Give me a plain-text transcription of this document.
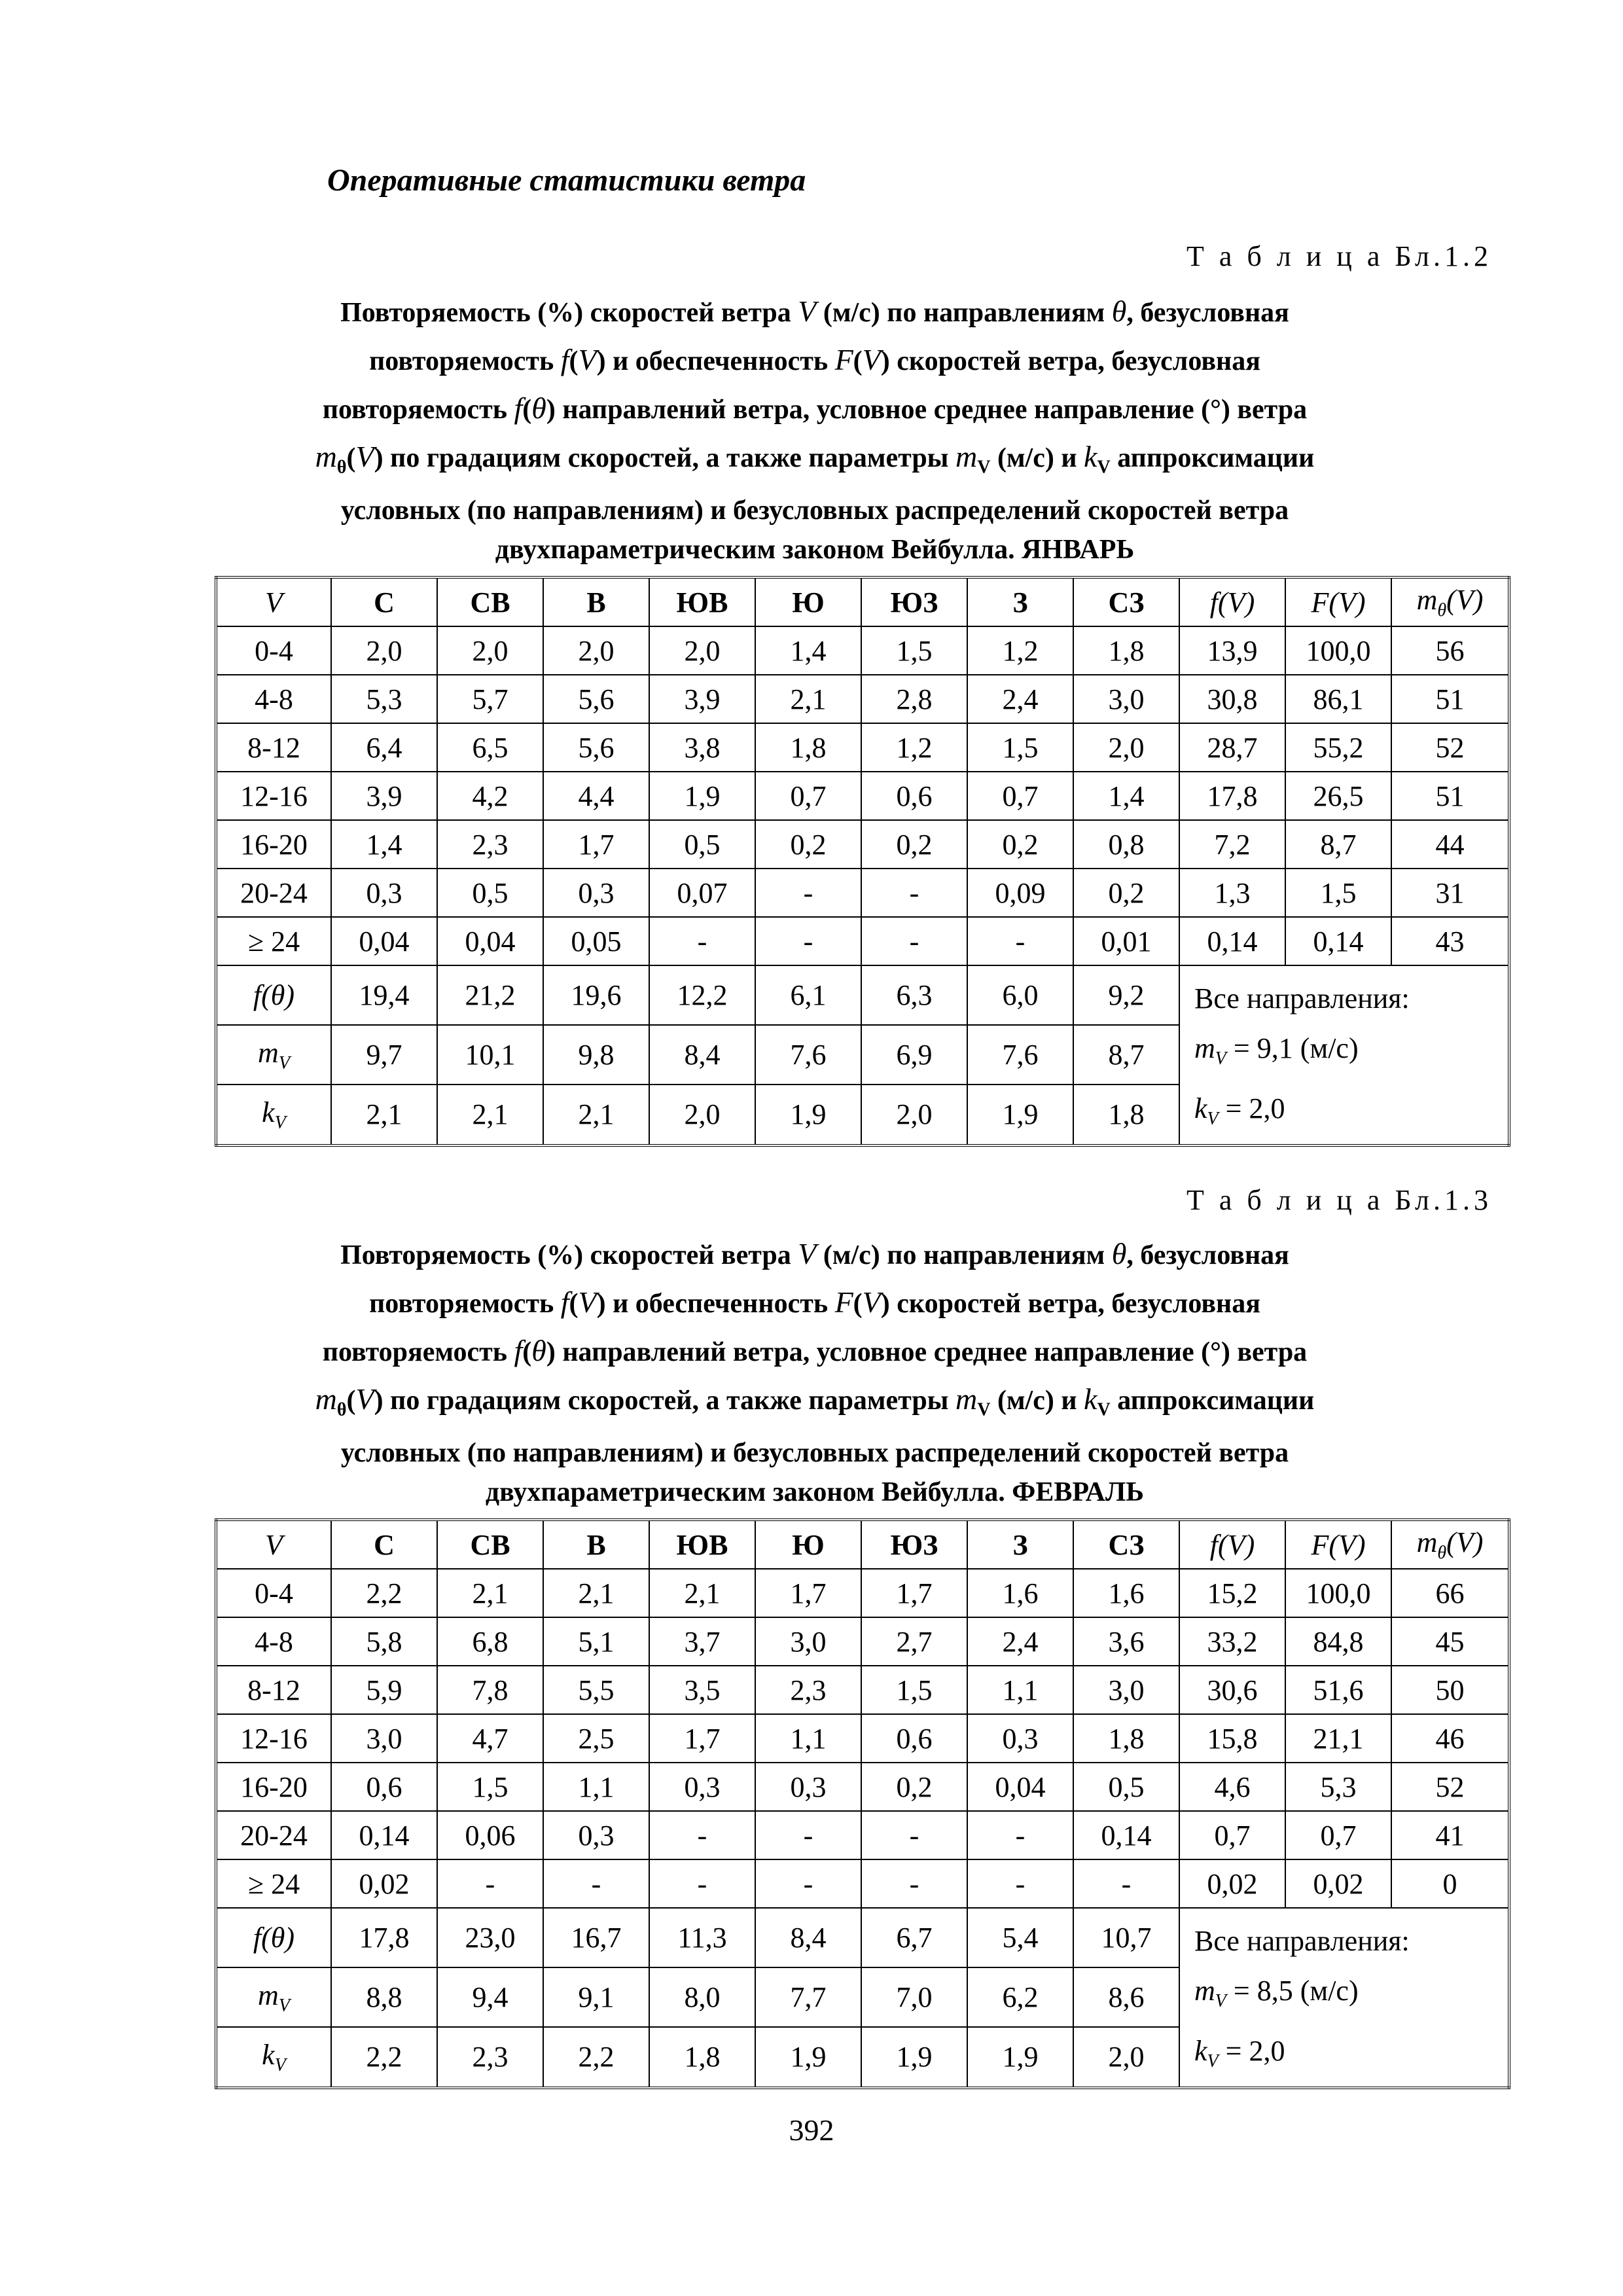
Оперативные статистики ветра
Т а б л и ц а Бл.1.2
Повторяемость (%) скоростей ветра V (м/с) по направлениям θ, безусловная
повторяемость f(V) и обеспеченность F(V) скоростей ветра, безусловная
повторяемость f(θ) направлений ветра, условное среднее направление (°) ветра
$m_\theta(V)$ по градациям скоростей, а также параметры $m_V$ (м/с) и $k_V$ аппроксимации
условных (по направлениям) и безусловных распределений скоростей ветра
двухпараметрическим законом Вейбулла. ЯНВАРЬ
V	С	СВ	В	ЮВ	Ю	ЮЗ	З	СЗ	f(V)	F(V)	$m_\theta(V)$
0-4	2,0	2,0	2,0	2,0	1,4	1,5	1,2	1,8	13,9	100,0	56
4-8	5,3	5,7	5,6	3,9	2,1	2,8	2,4	3,0	30,8	86,1	51
8-12	6,4	6,5	5,6	3,8	1,8	1,2	1,5	2,0	28,7	55,2	52
12-16	3,9	4,2	4,4	1,9	0,7	0,6	0,7	1,4	17,8	26,5	51
16-20	1,4	2,3	1,7	0,5	0,2	0,2	0,2	0,8	7,2	8,7	44
20-24	0,3	0,5	0,3	0,07	-	-	0,09	0,2	1,3	1,5	31
≥ 24	0,04	0,04	0,05	-	-	-	-	0,01	0,14	0,14	43
f(θ)	19,4	21,2	19,6	12,2	6,1	6,3	6,0	9,2	Все направления:
$m_V = 9,1$ (м/с)
$k_V = 2,0$		

$m_V$	9,7	10,1	9,8	8,4	7,6	6,9	7,6	8,7			
$k_V$	2,1	2,1	2,1	2,0	1,9	2,0	1,9	1,8			
Т а б л и ц а Бл.1.3
Повторяемость (%) скоростей ветра V (м/с) по направлениям θ, безусловная
повторяемость f(V) и обеспеченность F(V) скоростей ветра, безусловная
повторяемость f(θ) направлений ветра, условное среднее направление (°) ветра
$m_\theta(V)$ по градациям скоростей, а также параметры $m_V$ (м/с) и $k_V$ аппроксимации
условных (по направлениям) и безусловных распределений скоростей ветра
двухпараметрическим законом Вейбулла. ФЕВРАЛЬ
V	С	СВ	В	ЮВ	Ю	ЮЗ	З	СЗ	f(V)	F(V)	$m_\theta(V)$
0-4	2,2	2,1	2,1	2,1	1,7	1,7	1,6	1,6	15,2	100,0	66
4-8	5,8	6,8	5,1	3,7	3,0	2,7	2,4	3,6	33,2	84,8	45
8-12	5,9	7,8	5,5	3,5	2,3	1,5	1,1	3,0	30,6	51,6	50
12-16	3,0	4,7	2,5	1,7	1,1	0,6	0,3	1,8	15,8	21,1	46
16-20	0,6	1,5	1,1	0,3	0,3	0,2	0,04	0,5	4,6	5,3	52
20-24	0,14	0,06	0,3	-	-	-	-	0,14	0,7	0,7	41
≥ 24	0,02	-	-	-	-	-	-	-	0,02	0,02	0
f(θ)	17,8	23,0	16,7	11,3	8,4	6,7	5,4	10,7	Все направления:
$m_V = 8,5$ (м/с)
$k_V = 2,0$		

$m_V$	8,8	9,4	9,1	8,0	7,7	7,0	6,2	8,6			
$k_V$	2,2	2,3	2,2	1,8	1,9	1,9	1,9	2,0			
392
